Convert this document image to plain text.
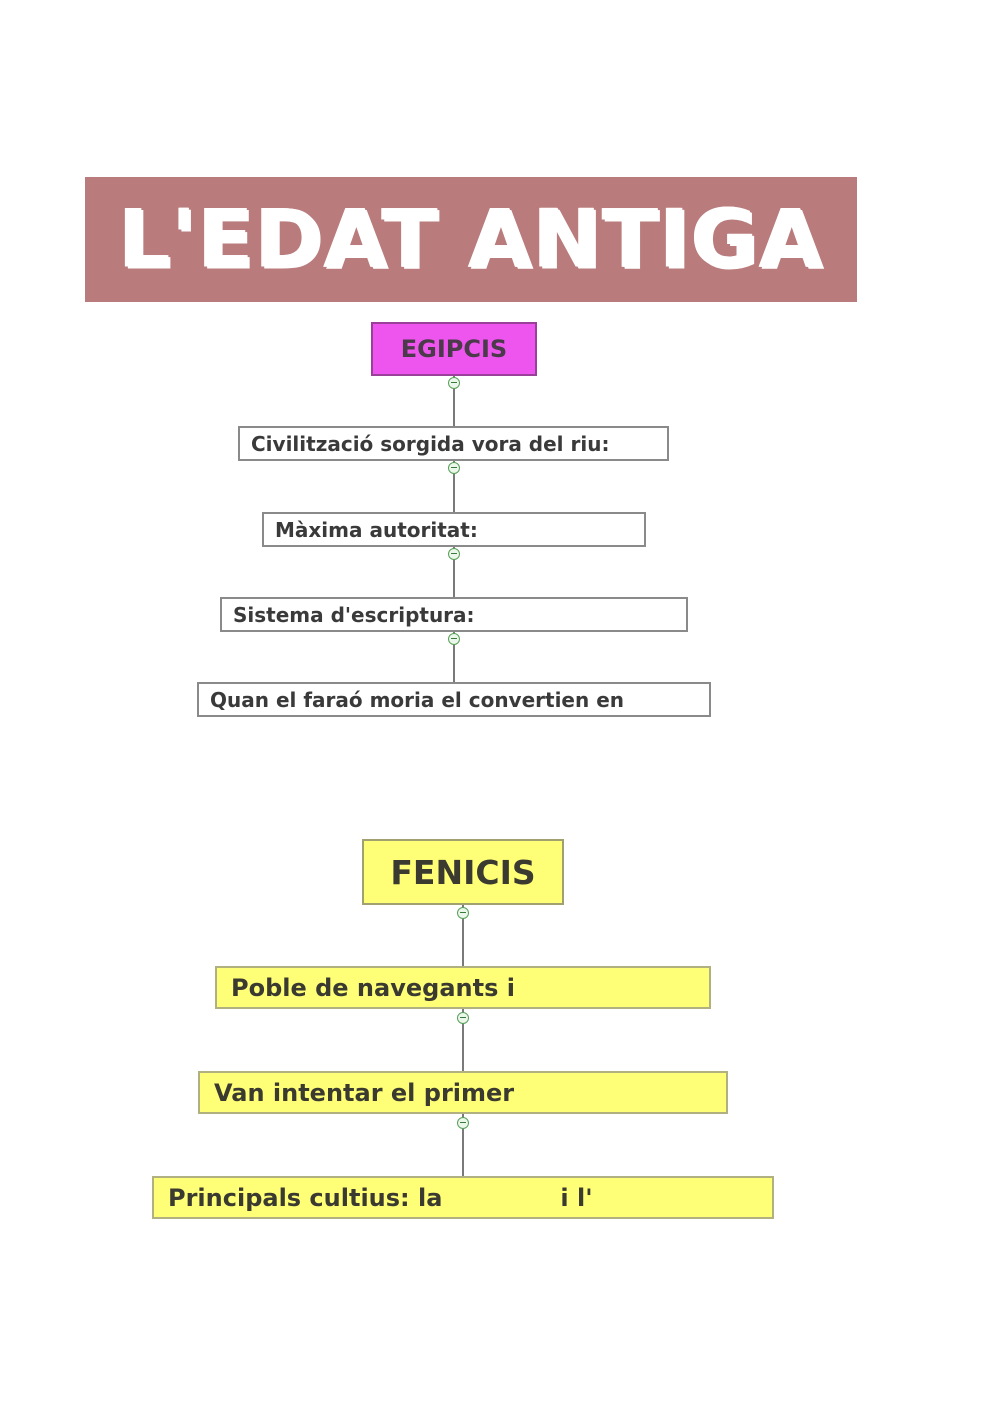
L'EDAT ANTIGA
EGIPCIS
Civilització sorgida vora del riu:
Màxima autoritat:
Sistema d'escriptura:
Quan el faraó moria el convertien en
FENICIS
Poble de navegants i
Van intentar el primer
Principals cultius: la	i l'
